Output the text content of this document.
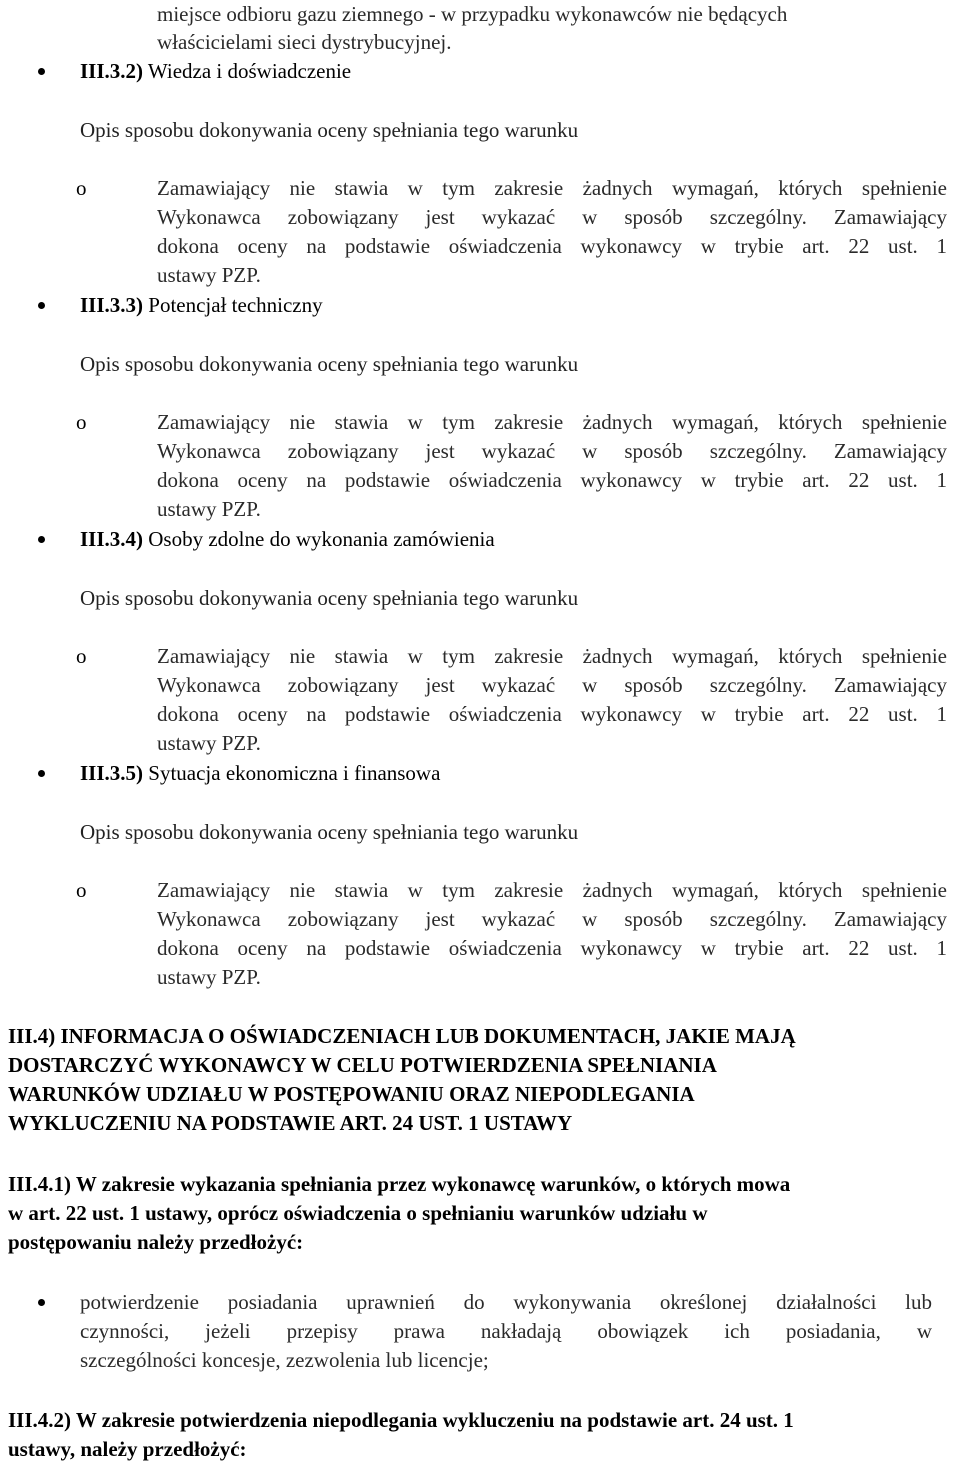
miejsce odbioru gazu ziemnego - w przypadku wykonawców nie będących
właścicielami sieci dystrybucyjnej.
III.3.2) Wiedza i doświadczenie
Opis sposobu dokonywania oceny spełniania tego warunku
o	Zamawiający nie stawia w tym zakresie żadnych wymagań, których spełnienie
Wykonawca zobowiązany jest wykazać w sposób szczególny. Zamawiający
dokona oceny na podstawie oświadczenia wykonawcy w trybie art. 22 ust. 1
ustawy PZP.
III.3.3) Potencjał techniczny
Opis sposobu dokonywania oceny spełniania tego warunku
o	Zamawiający nie stawia w tym zakresie żadnych wymagań, których spełnienie
Wykonawca zobowiązany jest wykazać w sposób szczególny. Zamawiający
dokona oceny na podstawie oświadczenia wykonawcy w trybie art. 22 ust. 1
ustawy PZP.
III.3.4) Osoby zdolne do wykonania zamówienia
Opis sposobu dokonywania oceny spełniania tego warunku
o	Zamawiający nie stawia w tym zakresie żadnych wymagań, których spełnienie
Wykonawca zobowiązany jest wykazać w sposób szczególny. Zamawiający
dokona oceny na podstawie oświadczenia wykonawcy w trybie art. 22 ust. 1
ustawy PZP.
III.3.5) Sytuacja ekonomiczna i finansowa
Opis sposobu dokonywania oceny spełniania tego warunku
o	Zamawiający nie stawia w tym zakresie żadnych wymagań, których spełnienie
Wykonawca zobowiązany jest wykazać w sposób szczególny. Zamawiający
dokona oceny na podstawie oświadczenia wykonawcy w trybie art. 22 ust. 1
ustawy PZP.
III.4) INFORMACJA O OŚWIADCZENIACH LUB DOKUMENTACH, JAKIE MAJĄ
DOSTARCZYĆ WYKONAWCY W CELU POTWIERDZENIA SPEŁNIANIA
WARUNKÓW UDZIAŁU W POSTĘPOWANIU ORAZ NIEPODLEGANIA
WYKLUCZENIU NA PODSTAWIE ART. 24 UST. 1 USTAWY
III.4.1) W zakresie wykazania spełniania przez wykonawcę warunków, o których mowa
w art. 22 ust. 1 ustawy, oprócz oświadczenia o spełnianiu warunków udziału w
postępowaniu należy przedłożyć:
potwierdzenie posiadania uprawnień do wykonywania określonej działalności lub
czynności, jeżeli przepisy prawa nakładają obowiązek ich posiadania, w
szczególności koncesje, zezwolenia lub licencje;
III.4.2) W zakresie potwierdzenia niepodlegania wykluczeniu na podstawie art. 24 ust. 1
ustawy, należy przedłożyć:
